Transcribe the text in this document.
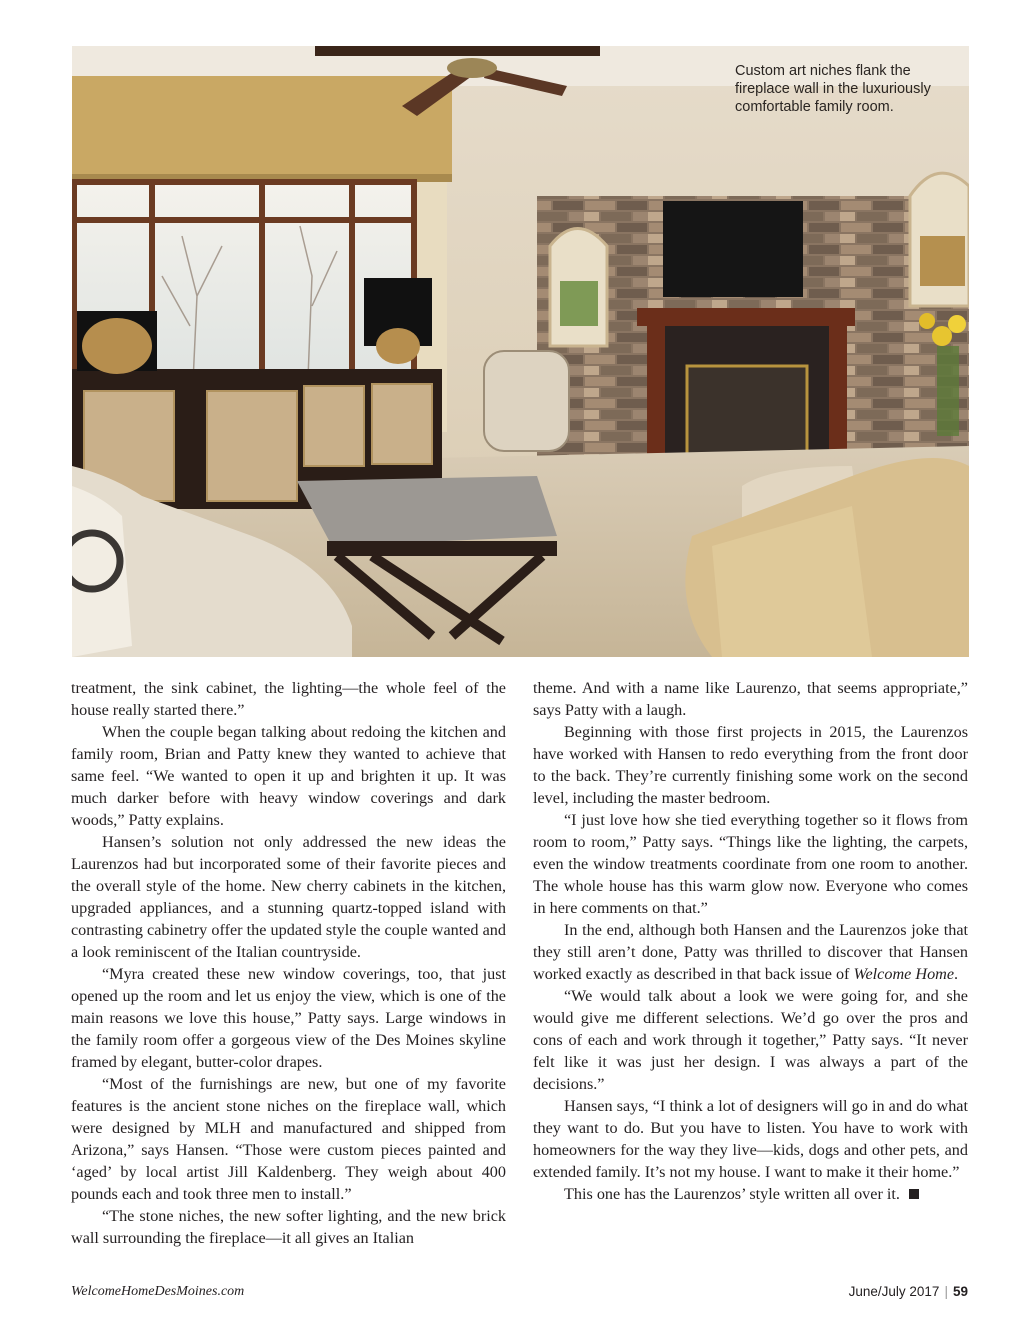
Custom art niches flank the fireplace wall in the luxuriously comfortable family room.

treatment, the sink cabinet, the lighting—the whole feel of the house really started there.”

When the couple began talking about redoing the kitchen and family room, Brian and Patty knew they wanted to achieve that same feel. “We wanted to open it up and brighten it up. It was much darker before with heavy window coverings and dark woods,” Patty explains.

Hansen’s solution not only addressed the new ideas the Laurenzos had but incorporated some of their favorite pieces and the overall style of the home. New cherry cabinets in the kitchen, upgraded appliances, and a stunning quartz-topped island with contrasting cabinetry offer the updated style the couple wanted and a look reminiscent of the Italian countryside.

“Myra created these new window coverings, too, that just opened up the room and let us enjoy the view, which is one of the main reasons we love this house,” Patty says. Large windows in the family room offer a gorgeous view of the Des Moines skyline framed by elegant, butter-color drapes.

“Most of the furnishings are new, but one of my favorite features is the ancient stone niches on the fireplace wall, which were designed by MLH and manufactured and shipped from Arizona,” says Hansen. “Those were custom pieces painted and ‘aged’ by local artist Jill Kaldenberg. They weigh about 400 pounds each and took three men to install.”

“The stone niches, the new softer lighting, and the new brick wall surrounding the fireplace—it all gives an Italian

theme. And with a name like Laurenzo, that seems appropriate,” says Patty with a laugh.

Beginning with those first projects in 2015, the Laurenzos have worked with Hansen to redo everything from the front door to the back. They’re currently finishing some work on the second level, including the master bedroom.

“I just love how she tied everything together so it flows from room to room,” Patty says. “Things like the lighting, the carpets, even the window treatments coordinate from one room to another. The whole house has this warm glow now. Everyone who comes in here comments on that.”

In the end, although both Hansen and the Laurenzos joke that they still aren’t done, Patty was thrilled to discover that Hansen worked exactly as described in that back issue of Welcome Home.

“We would talk about a look we were going for, and she would give me different selections. We’d go over the pros and cons of each and work through it together,” Patty says. “It never felt like it was just her design. I was always a part of the decisions.”

Hansen says, “I think a lot of designers will go in and do what they want to do. But you have to listen. You have to work with homeowners for the way they live—kids, dogs and other pets, and extended family. It’s not my house. I want to make it their home.”

This one has the Laurenzos’ style written all over it.

WelcomeHomeDesMoines.com	June/July 2017 | 59
